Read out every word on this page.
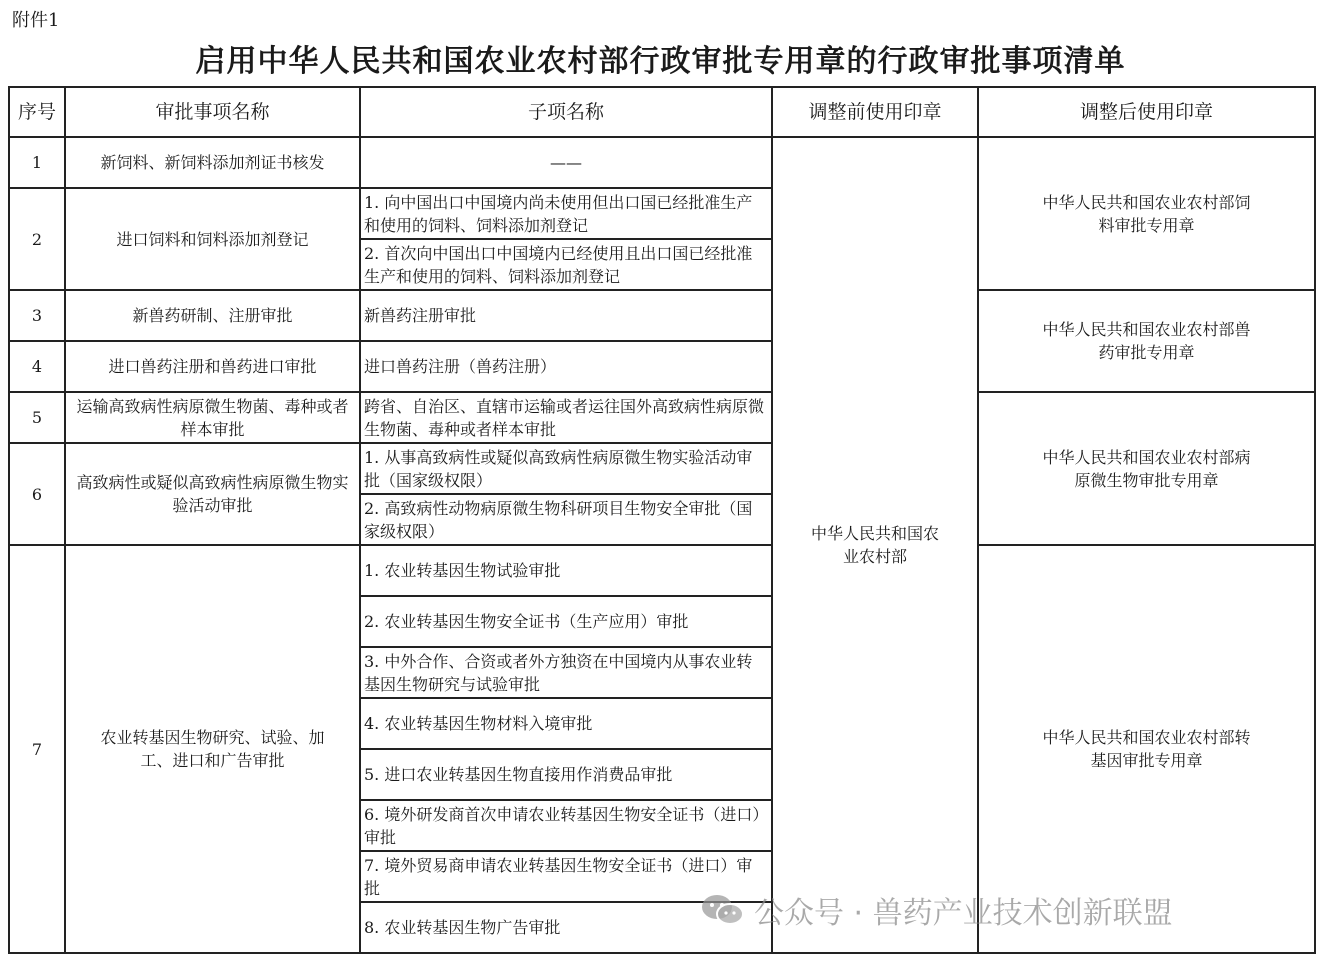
附件1
启用中华人民共和国农业农村部行政审批专用章的行政审批事项清单
序号	审批事项名称	子项名称	调整前使用印章	调整后使用印章
1	新饲料、新饲料添加剂证书核发	——	中华人民共和国农业农村部	中华人民共和国农业农村部饲料审批专用章
2	进口饲料和饲料添加剂登记	1. 向中国出口中国境内尚未使用但出口国已经批准生产和使用的饲料、饲料添加剂登记		
		2. 首次向中国出口中国境内已经使用且出口国已经批准生产和使用的饲料、饲料添加剂登记		
3	新兽药研制、注册审批	新兽药注册审批		中华人民共和国农业农村部兽药审批专用章
4	进口兽药注册和兽药进口审批	进口兽药注册（兽药注册）		
5	运输高致病性病原微生物菌、毒种或者样本审批	跨省、自治区、直辖市运输或者运往国外高致病性病原微生物菌、毒种或者样本审批		中华人民共和国农业农村部病原微生物审批专用章
6	高致病性或疑似高致病性病原微生物实验活动审批	1. 从事高致病性或疑似高致病性病原微生物实验活动审批（国家级权限）		
		2. 高致病性动物病原微生物科研项目生物安全审批（国家级权限）		
7	农业转基因生物研究、试验、加工、进口和广告审批	1. 农业转基因生物试验审批		中华人民共和国农业农村部转基因审批专用章
		2. 农业转基因生物安全证书（生产应用）审批		
		3. 中外合作、合资或者外方独资在中国境内从事农业转基因生物研究与试验审批		
		4. 农业转基因生物材料入境审批		
		5. 进口农业转基因生物直接用作消费品审批		
		6. 境外研发商首次申请农业转基因生物安全证书（进口）审批		
		7. 境外贸易商申请农业转基因生物安全证书（进口）审批		
		8. 农业转基因生物广告审批			公众号 · 兽药产业技术创新联盟
